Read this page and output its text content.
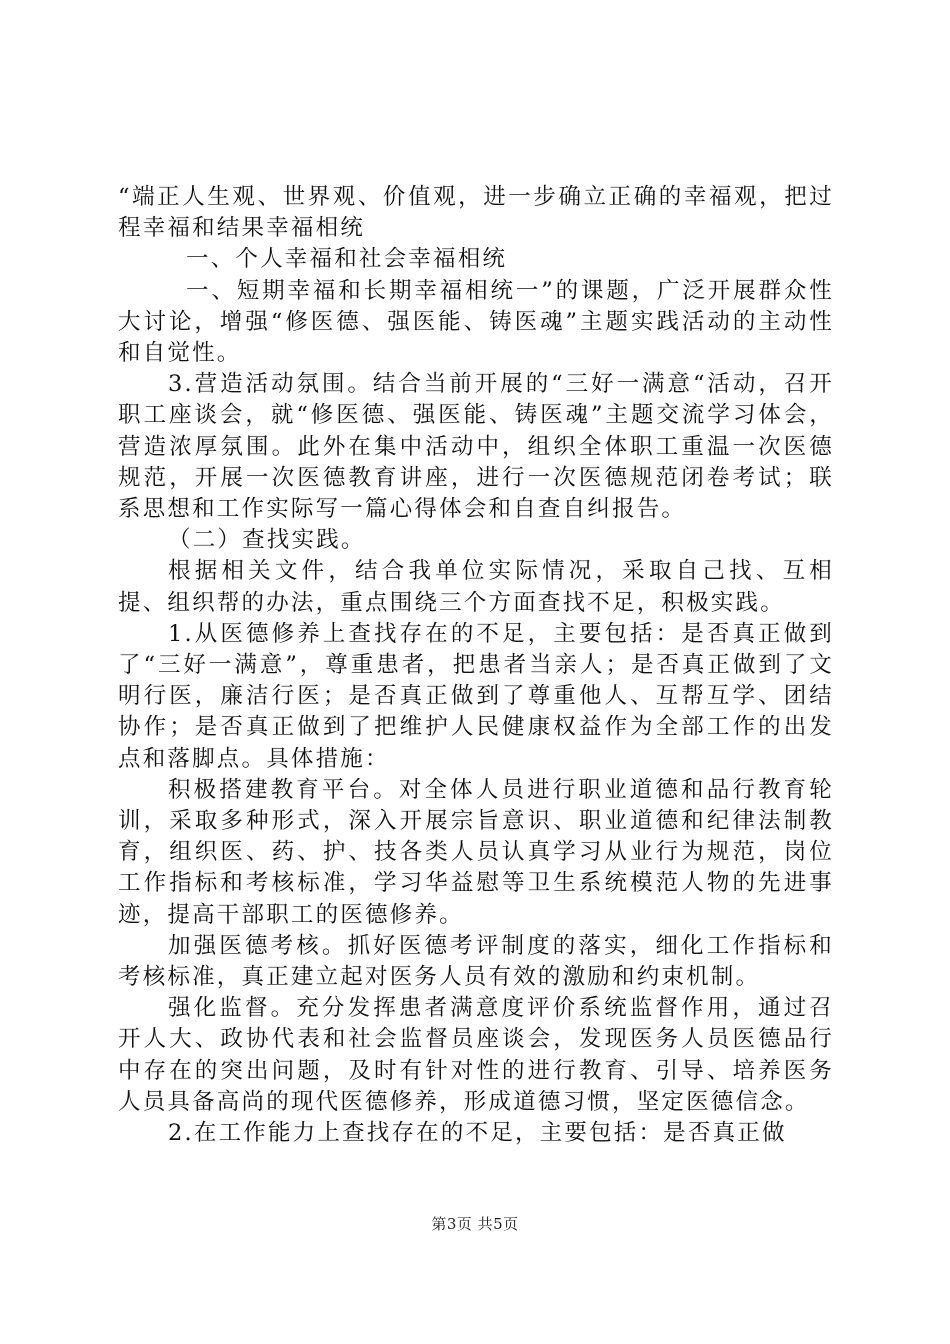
“端正人生观、世界观、价值观，进一步确立正确的幸福观，把过程幸福和结果幸福相统

一、个人幸福和社会幸福相统

一、短期幸福和长期幸福相统一”的课题，广泛开展群众性大讨论，增强“修医德、强医能、铸医魂”主题实践活动的主动性和自觉性。

3.营造活动氛围。结合当前开展的“三好一满意“活动，召开职工座谈会，就“修医德、强医能、铸医魂”主题交流学习体会，营造浓厚氛围。此外在集中活动中，组织全体职工重温一次医德规范，开展一次医德教育讲座，进行一次医德规范闭卷考试；联系思想和工作实际写一篇心得体会和自查自纠报告。

（二）查找实践。

根据相关文件，结合我单位实际情况，采取自己找、互相提、组织帮的办法，重点围绕三个方面查找不足，积极实践。

1.从医德修养上查找存在的不足，主要包括：是否真正做到了“三好一满意”，尊重患者，把患者当亲人；是否真正做到了文明行医，廉洁行医；是否真正做到了尊重他人、互帮互学、团结协作；是否真正做到了把维护人民健康权益作为全部工作的出发点和落脚点。具体措施：

积极搭建教育平台。对全体人员进行职业道德和品行教育轮训，采取多种形式，深入开展宗旨意识、职业道德和纪律法制教育，组织医、药、护、技各类人员认真学习从业行为规范，岗位工作指标和考核标准，学习华益慰等卫生系统模范人物的先进事迹，提高干部职工的医德修养。

加强医德考核。抓好医德考评制度的落实，细化工作指标和考核标准，真正建立起对医务人员有效的激励和约束机制。

强化监督。充分发挥患者满意度评价系统监督作用，通过召开人大、政协代表和社会监督员座谈会，发现医务人员医德品行中存在的突出问题，及时有针对性的进行教育、引导、培养医务人员具备高尚的现代医德修养，形成道德习惯，坚定医德信念。

2.在工作能力上查找存在的不足，主要包括：是否真正做

第3页 共5页
